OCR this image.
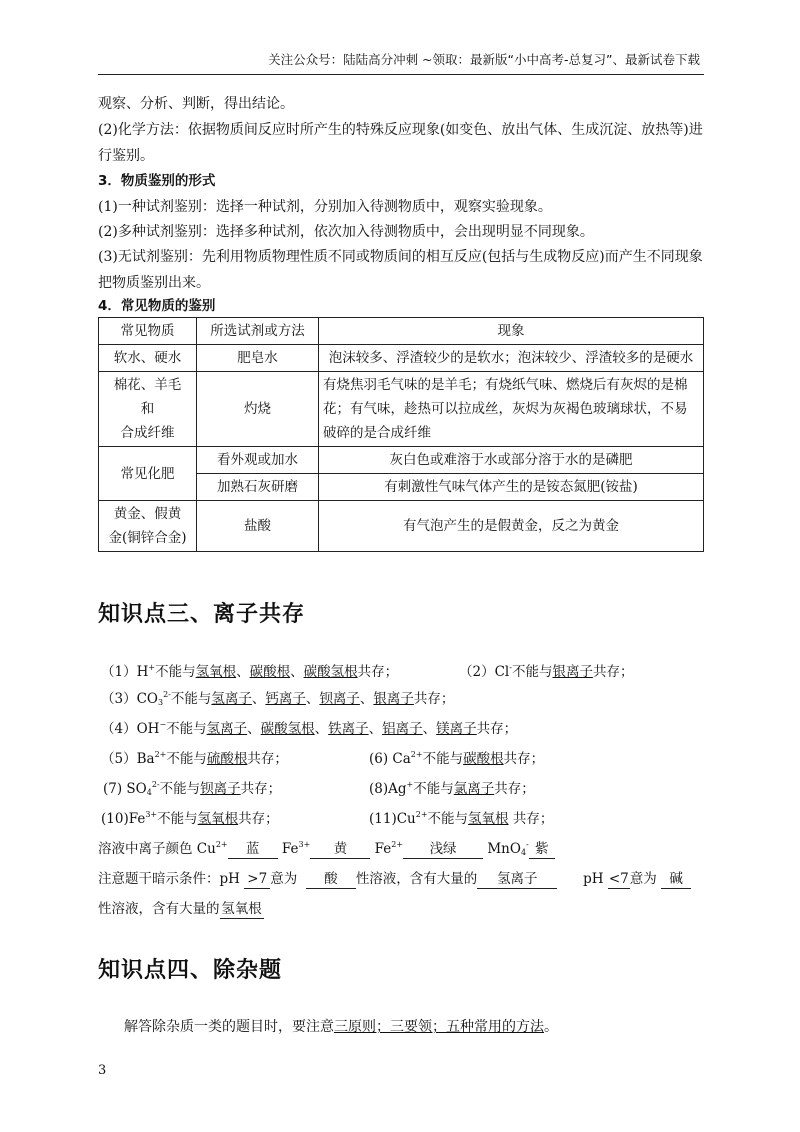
关注公众号：陆陆高分冲刺 ~领取：最新版“小中高考-总复习”、最新试卷下载
观察、分析、判断，得出结论。
(2)化学方法：依据物质间反应时所产生的特殊反应现象(如变色、放出气体、生成沉淀、放热等)进行鉴别。
3．物质鉴别的形式
(1)一种试剂鉴别：选择一种试剂，分别加入待测物质中，观察实验现象。
(2)多种试剂鉴别：选择多种试剂，依次加入待测物质中，会出现明显不同现象。
(3)无试剂鉴别：先利用物质物理性质不同或物质间的相互反应(包括与生成物反应)而产生不同现象把物质鉴别出来。
4．常见物质的鉴别
常见物质	所选试剂或方法	现象
软水、硬水	肥皂水	泡沫较多、浮渣较少的是软水；泡沫较少、浮渣较多的是硬水

棉花、羊毛
和
合成纤维	灼烧	有烧焦羽毛气味的是羊毛；有烧纸气味、燃烧后有灰烬的是棉花；有气味，趁热可以拉成丝，灰烬为灰褐色玻璃球状，不易破碎的是合成纤维
常见化肥	看外观或加水	灰白色或难溶于水或部分溶于水的是磷肥
	加熟石灰研磨	有刺激性气味气体产生的是铵态氮肥(铵盐)

黄金、假黄
金(铜锌合金)	盐酸	有气泡产生的是假黄金，反之为黄金
知识点三、离子共存
（1）H+不能与氢氧根、碳酸根、碳酸氢根共存；	（2）Cl-不能与银离子共存；
$(3)CO_3^{2-}$不能与氢离子、钙离子、钡离子、银离子共存；
（4）OH−不能与氢离子、碳酸氢根、铁离子、铝离子、镁离子共存；
$(5)Ba^{2+}$不能与硫酸根共存；	(6) $Ca^{2+}$不能与碳酸根共存；
(7) $SO_4^{2-}$不能与钡离子共存；	(8)Ag+不能与氯离子共存；
$(10)Fe^{3+}$不能与氢氧根共存；	$(11)Cu^{2+}$不能与氢氧根 共存；
溶液中离子颜色 $Cu^{2+}$ 蓝 $Fe^{3+}$ 黄 $Fe^{2+}$ 浅绿 MnO$_4$- 紫
注意题干暗示条件：pH >7 意为 酸 性溶液，含有大量的 氢离子	pH <7意为 碱
性溶液，含有大量的 氢氧根
知识点四、除杂题
解答除杂质一类的题目时，要注意三原则；三要领；五种常用的方法。
3
